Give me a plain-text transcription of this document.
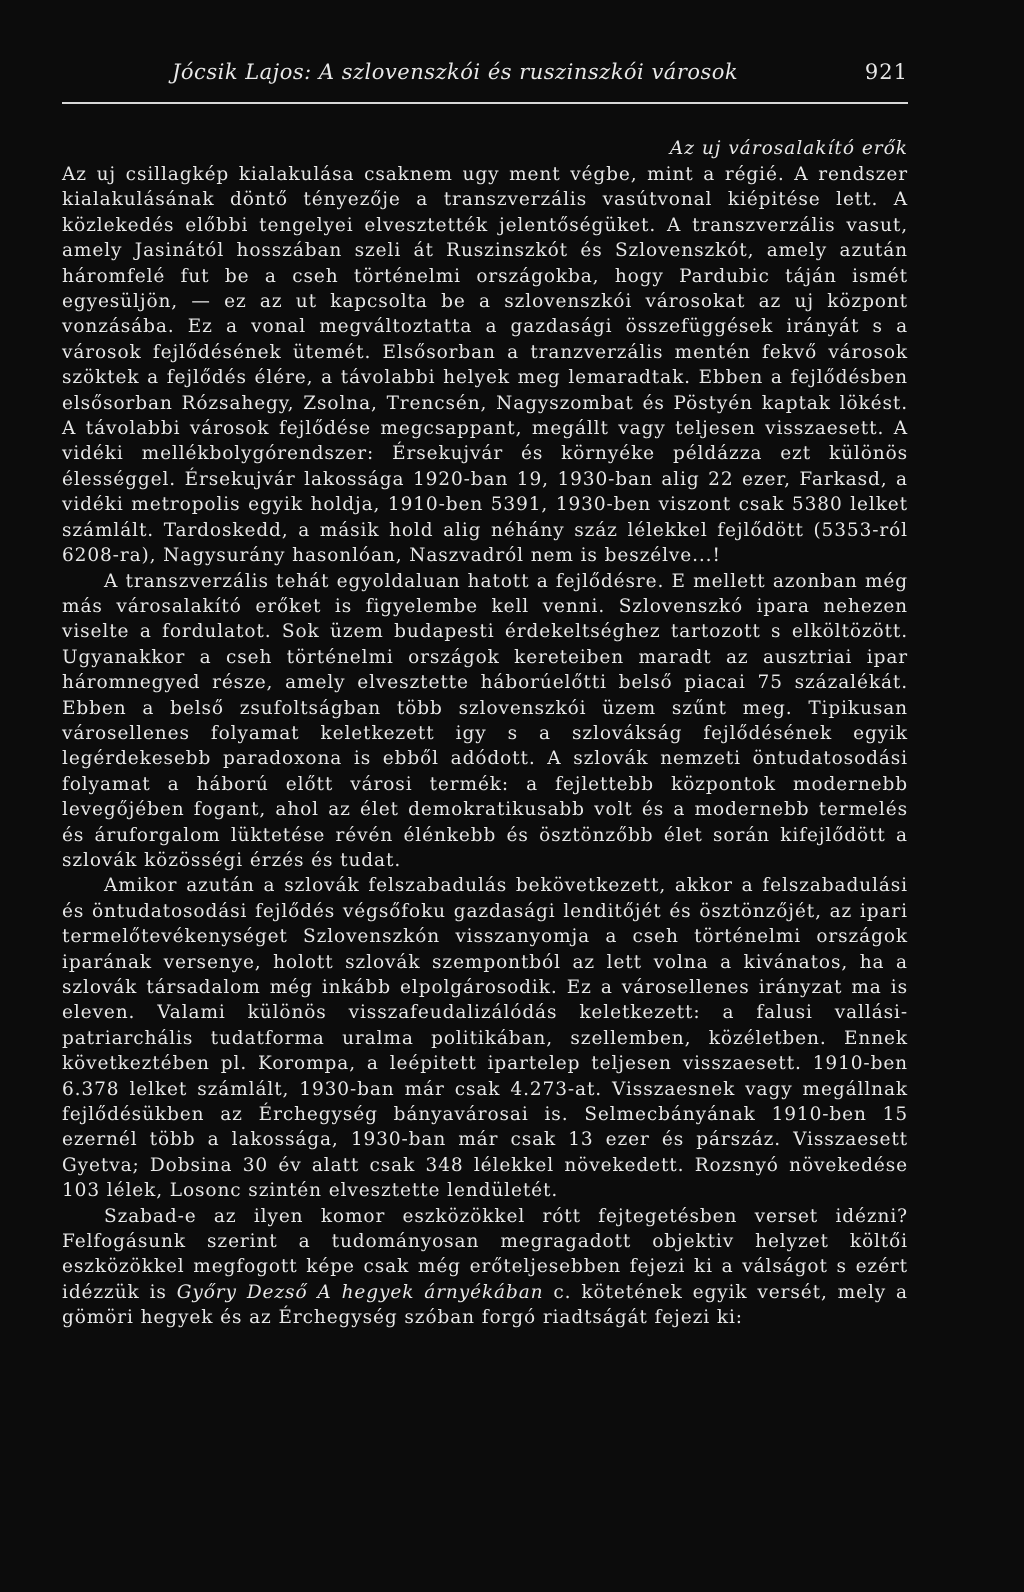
Jócsik Lajos: A szlovenszkói és ruszinszkói városok	921
Az uj városalakító erők

Az uj csillagkép kialakulása csaknem ugy ment végbe, mint a régié. A rendszer kialakulásának döntő tényezője a transzverzális vasútvonal kiépitése lett. A közlekedés előbbi tengelyei elvesztették jelentőségüket. A transzverzális vasut, amely Jasinától hosszában szeli át Ruszinszkót és Szlovenszkót, amely azután háromfelé fut be a cseh történelmi országokba, hogy Pardubic táján ismét egyesüljön, — ez az ut kapcsolta be a szlovenszkói városokat az uj központ vonzásába. Ez a vonal megváltoztatta a gazdasági összefüggések irányát s a városok fejlődésének ütemét. Elsősorban a tranzverzális mentén fekvő városok szöktek a fejlődés élére, a távolabbi helyek meg lemaradtak. Ebben a fejlődésben elsősorban Rózsahegy, Zsolna, Trencsén, Nagyszombat és Pöstyén kaptak lökést. A távolabbi városok fejlődése megcsappant, megállt vagy teljesen visszaesett. A vidéki mellékbolygórendszer: Érsekujvár és környéke példázza ezt különös élességgel. Érsekujvár lakossága 1920-ban 19, 1930-ban alig 22 ezer, Farkasd, a vidéki metropolis egyik holdja, 1910-ben 5391, 1930-ben viszont csak 5380 lelket számlált. Tardoskedd, a másik hold alig néhány száz lélekkel fejlődött (5353-ról 6208-ra), Nagysurány hasonlóan, Naszvadról nem is beszélve...!

A transzverzális tehát egyoldaluan hatott a fejlődésre. E mellett azonban még más városalakító erőket is figyelembe kell venni. Szlovenszkó ipara nehezen viselte a fordulatot. Sok üzem budapesti érdekeltséghez tartozott s elköltözött. Ugyanakkor a cseh történelmi országok kereteiben maradt az ausztriai ipar háromnegyed része, amely elvesztette háborúelőtti belső piacai 75 százalékát. Ebben a belső zsufoltságban több szlovenszkói üzem szűnt meg. Tipikusan városellenes folyamat keletkezett igy s a szlovákság fejlődésének egyik legérdekesebb paradoxona is ebből adódott. A szlovák nemzeti öntudatosodási folyamat a háború előtt városi termék: a fejlettebb központok modernebb levegőjében fogant, ahol az élet demokratikusabb volt és a modernebb termelés és áruforgalom lüktetése révén élénkebb és ösztönzőbb élet során kifejlődött a szlovák közösségi érzés és tudat.

Amikor azután a szlovák felszabadulás bekövetkezett, akkor a felszabadulási és öntudatosodási fejlődés végsőfoku gazdasági lenditőjét és ösztönzőjét, az ipari termelőtevékenységet Szlovenszkón visszanyomja a cseh történelmi országok iparának versenye, holott szlovák szempontból az lett volna a kivánatos, ha a szlovák társadalom még inkább elpolgárosodik. Ez a városellenes irányzat ma is eleven. Valami különös visszafeudalizálódás keletkezett: a falusi vallási-patriarchális tudatforma uralma politikában, szellemben, közéletben. Ennek következtében pl. Korompa, a leépitett ipartelep teljesen visszaesett. 1910-ben 6.378 lelket számlált, 1930-ban már csak 4.273-at. Visszaesnek vagy megállnak fejlődésükben az Érchegység bányavárosai is. Selmecbányának 1910-ben 15 ezernél több a lakossága, 1930-ban már csak 13 ezer és párszáz. Visszaesett Gyetva; Dobsina 30 év alatt csak 348 lélekkel növekedett. Rozsnyó növekedése 103 lélek, Losonc szintén elvesztette lendületét.

Szabad-e az ilyen komor eszközökkel rótt fejtegetésben verset idézni? Felfogásunk szerint a tudományosan megragadott objektiv helyzet költői eszközökkel megfogott képe csak még erőteljesebben fejezi ki a válságot s ezért idézzük is Győry Dezső A hegyek árnyékában c. kötetének egyik versét, mely a gömöri hegyek és az Érchegység szóban forgó riadtságát fejezi ki:
